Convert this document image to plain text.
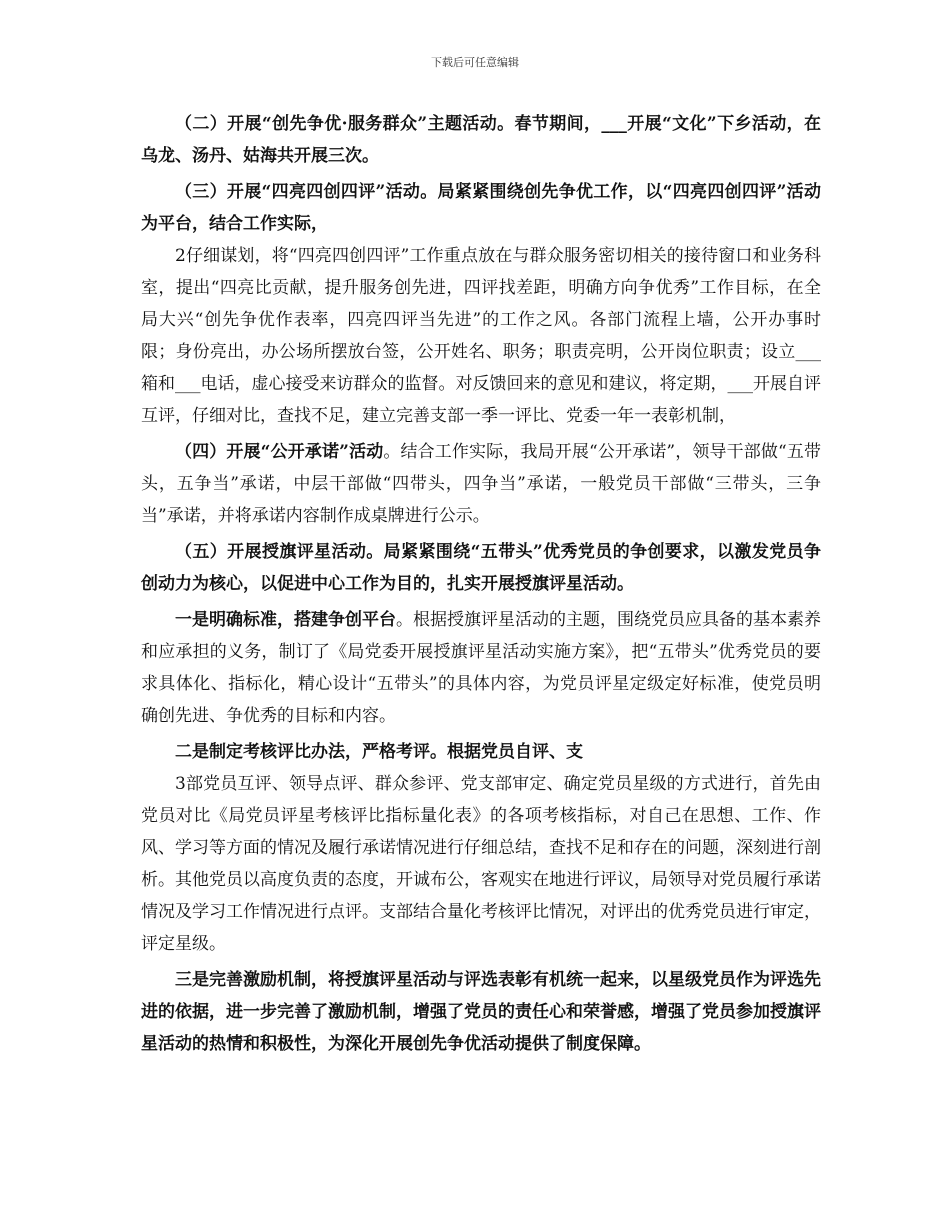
下载后可任意编辑

（二）开展“创先争优·服务群众”主题活动。春节期间，___开展“文化”下乡活动，在乌龙、汤丹、姑海共开展三次。

（三）开展“四亮四创四评”活动。局紧紧围绕创先争优工作，以“四亮四创四评”活动为平台，结合工作实际，

2仔细谋划，将“四亮四创四评”工作重点放在与群众服务密切相关的接待窗口和业务科室，提出“四亮比贡献，提升服务创先进，四评找差距，明确方向争优秀”工作目标，在全局大兴“创先争优作表率，四亮四评当先进”的工作之风。各部门流程上墙，公开办事时限；身份亮出，办公场所摆放台签，公开姓名、职务；职责亮明，公开岗位职责；设立___箱和___电话，虚心接受来访群众的监督。对反馈回来的意见和建议，将定期，___开展自评互评，仔细对比，查找不足，建立完善支部一季一评比、党委一年一表彰机制，

（四）开展“公开承诺”活动。结合工作实际，我局开展“公开承诺”，领导干部做“五带头，五争当”承诺，中层干部做“四带头，四争当”承诺，一般党员干部做“三带头，三争当”承诺，并将承诺内容制作成桌牌进行公示。

（五）开展授旗评星活动。局紧紧围绕“五带头”优秀党员的争创要求，以激发党员争创动力为核心，以促进中心工作为目的，扎实开展授旗评星活动。

一是明确标准，搭建争创平台。根据授旗评星活动的主题，围绕党员应具备的基本素养和应承担的义务，制订了《局党委开展授旗评星活动实施方案》，把“五带头”优秀党员的要求具体化、指标化，精心设计“五带头”的具体内容，为党员评星定级定好标准，使党员明确创先进、争优秀的目标和内容。

二是制定考核评比办法，严格考评。根据党员自评、支

3部党员互评、领导点评、群众参评、党支部审定、确定党员星级的方式进行，首先由党员对比《局党员评星考核评比指标量化表》的各项考核指标，对自己在思想、工作、作风、学习等方面的情况及履行承诺情况进行仔细总结，查找不足和存在的问题，深刻进行剖析。其他党员以高度负责的态度，开诚布公，客观实在地进行评议，局领导对党员履行承诺情况及学习工作情况进行点评。支部结合量化考核评比情况，对评出的优秀党员进行审定，评定星级。

三是完善激励机制，将授旗评星活动与评选表彰有机统一起来，以星级党员作为评选先进的依据，进一步完善了激励机制，增强了党员的责任心和荣誉感，增强了党员参加授旗评星活动的热情和积极性，为深化开展创先争优活动提供了制度保障。
